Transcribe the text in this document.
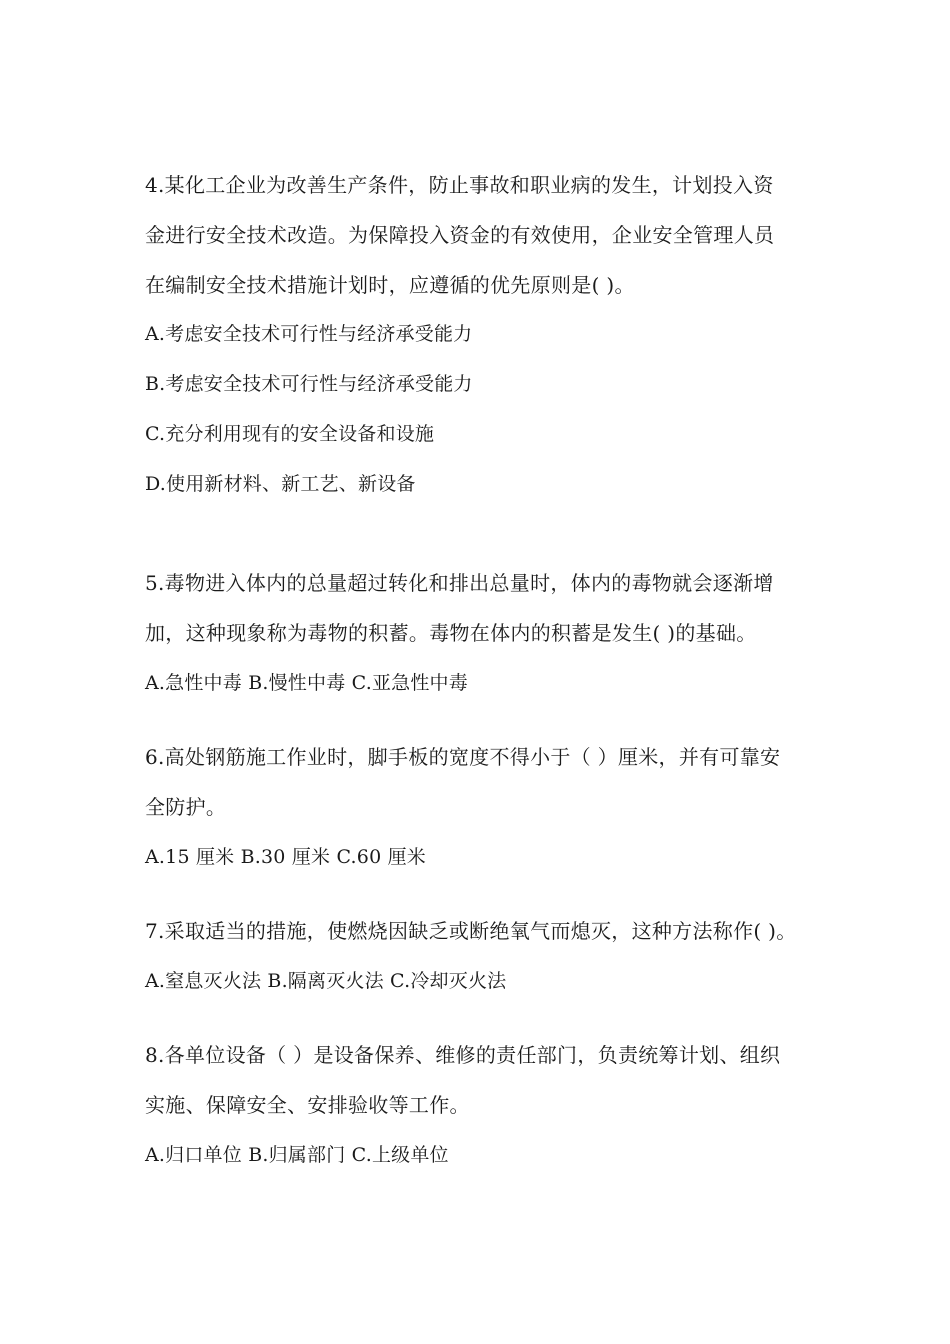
4.某化工企业为改善生产条件，防止事故和职业病的发生，计划投入资
金进行安全技术改造。为保障投入资金的有效使用，企业安全管理人员
在编制安全技术措施计划时，应遵循的优先原则是( )。
A.考虑安全技术可行性与经济承受能力
B.考虑安全技术可行性与经济承受能力
C.充分利用现有的安全设备和设施
D.使用新材料、新工艺、新设备
5.毒物进入体内的总量超过转化和排出总量时，体内的毒物就会逐渐增
加，这种现象称为毒物的积蓄。毒物在体内的积蓄是发生( )的基础。
A.急性中毒 B.慢性中毒 C.亚急性中毒
6.高处钢筋施工作业时，脚手板的宽度不得小于（ ）厘米，并有可靠安
全防护。
A.15 厘米 B.30 厘米 C.60 厘米
7.采取适当的措施，使燃烧因缺乏或断绝氧气而熄灭，这种方法称作( )。
A.窒息灭火法 B.隔离灭火法 C.冷却灭火法
8.各单位设备（ ）是设备保养、维修的责任部门，负责统筹计划、组织
实施、保障安全、安排验收等工作。
A.归口单位 B.归属部门 C.上级单位
